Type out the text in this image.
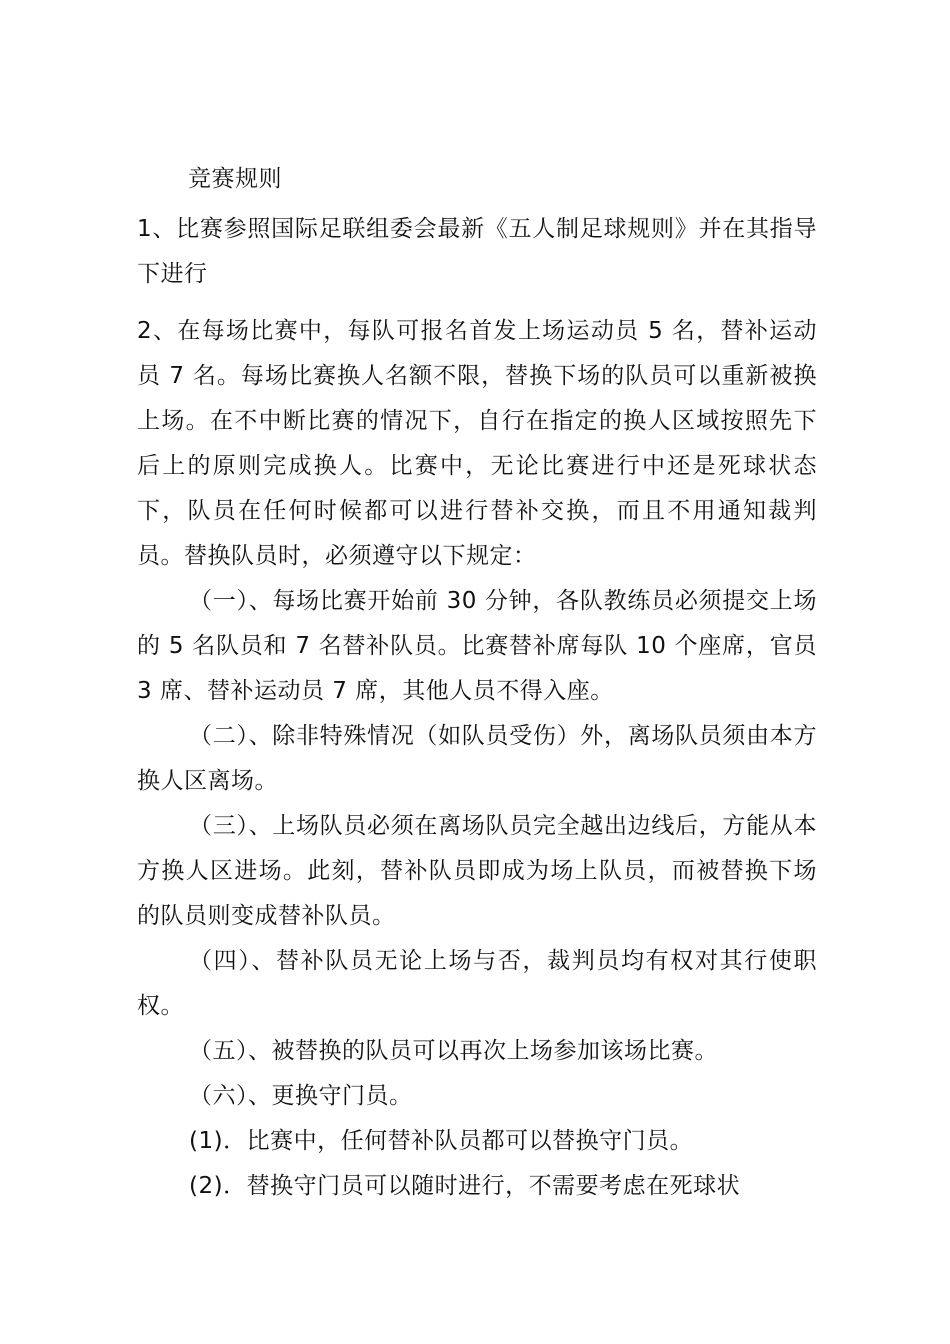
竞赛规则

1、比赛参照国际足联组委会最新《五人制足球规则》并在其指导下进行

2、在每场比赛中，每队可报名首发上场运动员 5 名，替补运动员 7 名。每场比赛换人名额不限，替换下场的队员可以重新被换上场。在不中断比赛的情况下，自行在指定的换人区域按照先下后上的原则完成换人。比赛中，无论比赛进行中还是死球状态下，队员在任何时候都可以进行替补交换，而且不用通知裁判员。替换队员时，必须遵守以下规定：

（一）、每场比赛开始前 30 分钟，各队教练员必须提交上场的 5 名队员和 7 名替补队员。比赛替补席每队 10 个座席，官员 3 席、替补运动员 7 席，其他人员不得入座。

（二）、除非特殊情况（如队员受伤）外，离场队员须由本方换人区离场。

（三）、上场队员必须在离场队员完全越出边线后，方能从本方换人区进场。此刻，替补队员即成为场上队员，而被替换下场的队员则变成替补队员。

（四）、替补队员无论上场与否，裁判员均有权对其行使职权。

（五）、被替换的队员可以再次上场参加该场比赛。

（六）、更换守门员。

(1)．比赛中，任何替补队员都可以替换守门员。

(2)．替换守门员可以随时进行，不需要考虑在死球状
